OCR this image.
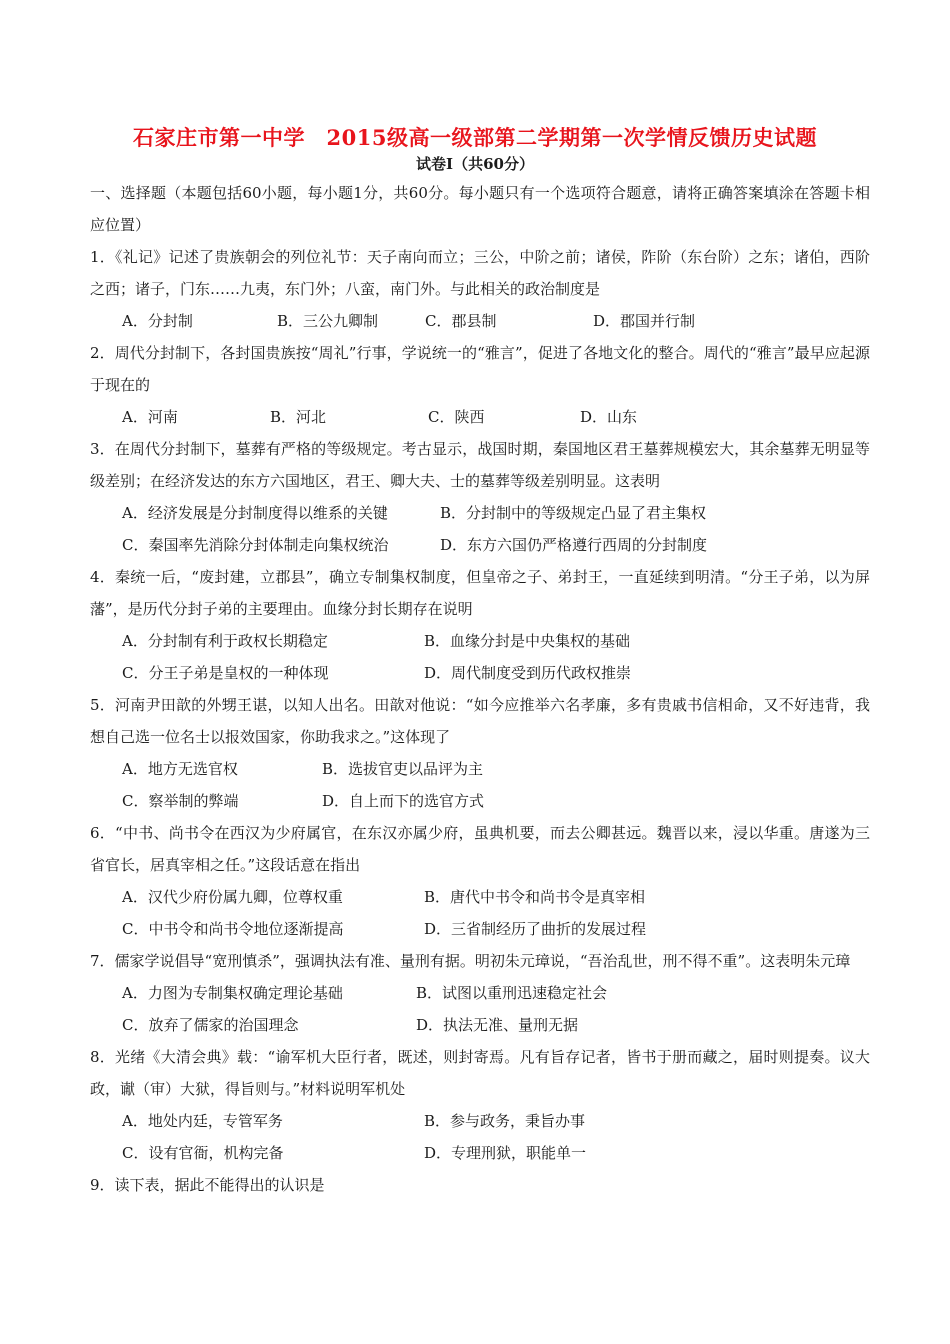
石家庄市第一中学　2015级高一级部第二学期第一次学情反馈历史试题
试卷Ⅰ（共60分）

一、选择题（本题包括60小题，每小题1分，共60分。每小题只有一个选项符合题意，请将正确答案填涂在答题卡相应位置）

1．《礼记》记述了贵族朝会的列位礼节：天子南向而立；三公，中阶之前；诸侯，阼阶（东台阶）之东；诸伯，西阶之西；诸子，门东……九夷，东门外；八蛮，南门外。与此相关的政治制度是

A．分封制	B．三公九卿制	C．郡县制	D．郡国并行制

2．周代分封制下，各封国贵族按“周礼”行事，学说统一的“雅言”，促进了各地文化的整合。周代的“雅言”最早应起源于现在的

A．河南	B．河北	C．陕西	D．山东

3．在周代分封制下，墓葬有严格的等级规定。考古显示，战国时期，秦国地区君王墓葬规模宏大，其余墓葬无明显等级差别；在经济发达的东方六国地区，君王、卿大夫、士的墓葬等级差别明显。这表明

A．经济发展是分封制度得以维系的关键	B．分封制中的等级规定凸显了君主集权
C．秦国率先消除分封体制走向集权统治	D．东方六国仍严格遵行西周的分封制度

4．秦统一后，“废封建，立郡县”，确立专制集权制度，但皇帝之子、弟封王，一直延续到明清。“分王子弟，以为屏藩”，是历代分封子弟的主要理由。血缘分封长期存在说明

A．分封制有利于政权长期稳定	B．血缘分封是中央集权的基础
C．分王子弟是皇权的一种体现	D．周代制度受到历代政权推崇

5．河南尹田歆的外甥王谌，以知人出名。田歆对他说：“如今应推举六名孝廉，多有贵戚书信相命，又不好违背，我想自己选一位名士以报效国家，你助我求之。”这体现了

A．地方无选官权	B．选拔官吏以品评为主
C．察举制的弊端	D．自上而下的选官方式

6．“中书、尚书令在西汉为少府属官，在东汉亦属少府，虽典机要，而去公卿甚远。魏晋以来，浸以华重。唐遂为三省官长，居真宰相之任。”这段话意在指出

A．汉代少府份属九卿，位尊权重	B．唐代中书令和尚书令是真宰相
C．中书令和尚书令地位逐渐提高	D．三省制经历了曲折的发展过程

7．儒家学说倡导“宽刑慎杀”，强调执法有准、量刑有据。明初朱元璋说，“吾治乱世，刑不得不重”。这表明朱元璋

A．力图为专制集权确定理论基础	B．试图以重刑迅速稳定社会
C．放弃了儒家的治国理念	D．执法无准、量刑无据

8．光绪《大清会典》载：“谕军机大臣行者，既述，则封寄焉。凡有旨存记者，皆书于册而藏之，届时则提奏。议大政，谳（审）大狱，得旨则与。”材料说明军机处

A．地处内廷，专管军务	B．参与政务，秉旨办事
C．设有官衙，机构完备	D．专理刑狱，职能单一

9．读下表，据此不能得出的认识是
